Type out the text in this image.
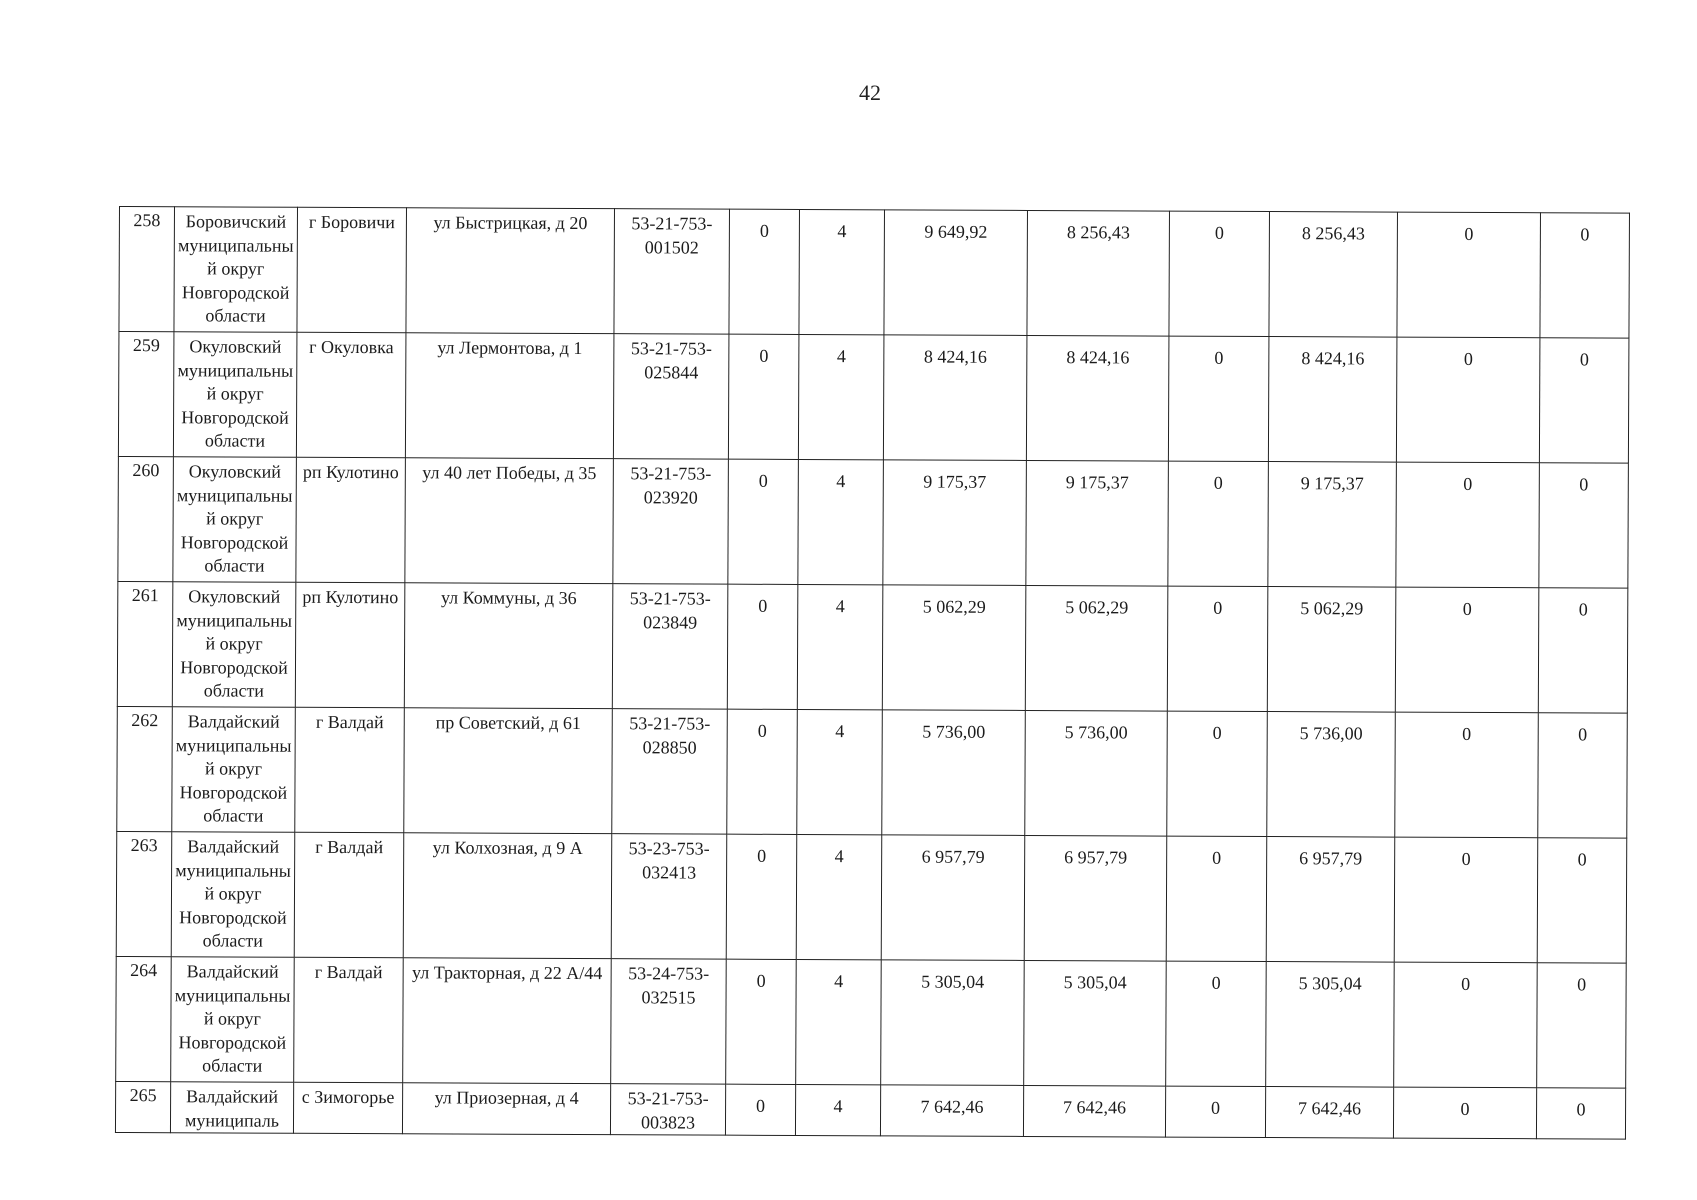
42
258	Боровичский муниципальный округ Новгородской области	г Боровичи	ул Быстрицкая, д 20	53-21-753-001502	0	4	9 649,92	8 256,43	0	8 256,43	0	0
259	Окуловский муниципальный округ Новгородской области	г Окуловка	ул Лермонтова, д 1	53-21-753-025844	0	4	8 424,16	8 424,16	0	8 424,16	0	0
260	Окуловский муниципальный округ Новгородской области	рп Кулотино	ул 40 лет Победы, д 35	53-21-753-023920	0	4	9 175,37	9 175,37	0	9 175,37	0	0
261	Окуловский муниципальный округ Новгородской области	рп Кулотино	ул Коммуны, д 36	53-21-753-023849	0	4	5 062,29	5 062,29	0	5 062,29	0	0
262	Валдайский муниципальный округ Новгородской области	г Валдай	пр Советский, д 61	53-21-753-028850	0	4	5 736,00	5 736,00	0	5 736,00	0	0
263	Валдайский муниципальный округ Новгородской области	г Валдай	ул Колхозная, д 9 А	53-23-753-032413	0	4	6 957,79	6 957,79	0	6 957,79	0	0
264	Валдайский муниципальный округ Новгородской области	г Валдай	ул Тракторная, д 22 А/44	53-24-753-032515	0	4	5 305,04	5 305,04	0	5 305,04	0	0
265	Валдайский муниципаль	с Зимогорье	ул Приозерная, д 4	53-21-753-003823	0	4	7 642,46	7 642,46	0	7 642,46	0	0
